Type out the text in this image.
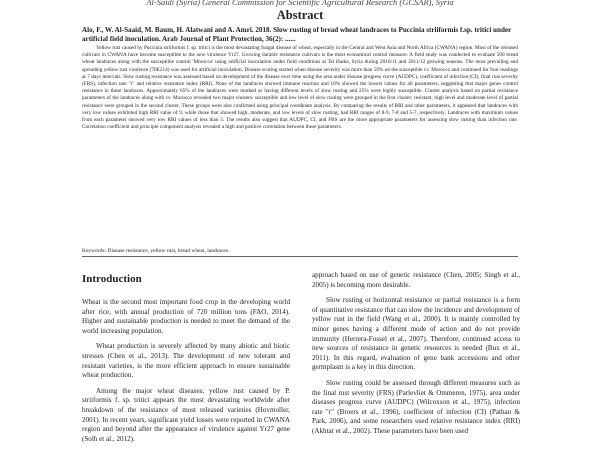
Al-Saidi (Syria) General Commission for Scientific Agricultural Research (GCSAR), Syria
Abstract

Alo, F., W. Al-Saaid, M. Baum, H. Alatwani and A. Amri. 2018. Slow rusting of bread wheat landraces to Puccinia striiformis f.sp. tritici under artificial field inoculation. Arab Journal of Plant Protection, 36(2): ......

Yellow rust caused by Puccinia striiformis f. sp. tritici is the most devastating fungal disease of wheat, especially in the Central and West Asia and North Africa (CWANA) region. Most of the released cultivars in CWANA have become susceptible to the new virulence Yr27. Growing durable resistance cultivars is the most economical control measure. A field study was conducted to evaluate 500 bread wheat landraces along with the susceptible control 'Morocco' using artificial inoculation under field conditions at Tel Hadia, Syria during 2010/11 and 2011/12 growing seasons. The most prevailing and spreading yellow rust virulence (70E214) was used for artificial inoculation. Disease scoring started when disease severity was more than 50% on the susceptible cv. Morocco and continued for four readings at 7 days intervals. Slow rusting resistance was assessed based on development of the disease over time using the area under disease progress curve (AUDPC), coefficient of infection (CI), final rust severity (FRS), infection rate "r" and relative resistance index (RRI). None of the landraces showed immune reaction and 10% showed the lowest values for all parameters, suggesting that major genes control resistance in these landraces. Approximately 65% of the landraces were marked as having different levels of slow rusting and 25% were highly susceptible. Cluster analysis based on partial resistance parameters of the landraces along with cv. Morocco revealed two major clusters: susceptible and low level of slow rusting were grouped in the first cluster; resistant, high level and moderate level of partial resistance were grouped in the second cluster. These groups were also confirmed using principal coordinate analysis. By comparing the results of RRI and other parameters, it appeared that landraces with very low values exhibited high RRI value of 9, while those that showed high, moderate, and low levels of slow rusting, had RRI ranges of 8-9, 7-8 and 5-7, respectively. Landraces with maximum values from each parameter showed very low RRI values of less than 5. The results also suggest that AUDPC, CI, and FRS are the more appropriate parameters for assessing slow rusting than infection rate. Correlation coefficient and principle component analysis revealed a high and positive correlation between these parameters.

Keywords: Disease resistance, yellow rust, bread wheat, landraces.

Introduction

Wheat is the second most important food crop in the developing world after rice, with annual production of 720 million tons (FAO, 2014). Higher and sustainable production is needed to meet the demand of the world increasing population.

Wheat production is severely affected by many abiotic and biotic stresses (Chen et al., 2013). The development of new tolerant and resistant varieties, is the more efficient approach to ensure sustainable wheat production.

Among the major wheat diseases, yellow rust caused by P. striiformis f. sp. tritici appears the most devastating worldwide after breakdown of the resistance of most released varieties (Hovmoller, 2001). In recent years, significant yield losses were reported in CWANA region and beyond after the appearance of virulence against Yr27 gene (Solh et al., 2012).

approach based on use of genetic resistance (Chen, 2005; Singh et al., 2005) is becoming more desirable.

Slow rusting or horizontal resistance or partial resistance is a form of quantitative resistance that can slow the incidence and development of yellow rust in the field (Wang et al., 2000). It is mainly controlled by minor genes having a different mode of action and do not provide immunity (Herrera-Fossel et al., 2007). Therefore, continued access to new sources of resistance in genetic resources is needed (Bux et al., 2011). In this regard, evaluation of gene bank accessions and other germplasm is a key in this direction.

Slow rusting could be assessed through different measures such as the final rust severity (FRS) (Parlevliet & Ommeren, 1975), area under diseases progress curve (AUDPC) (Wilcoxson et al., 1975), infection rate "r" (Broers et al., 1996), coefficient of infection (CI) (Pathan & Park, 2006), and some researchers used relative resistance index (RRI) (Akhtar et al., 2002). These parameters have been used
